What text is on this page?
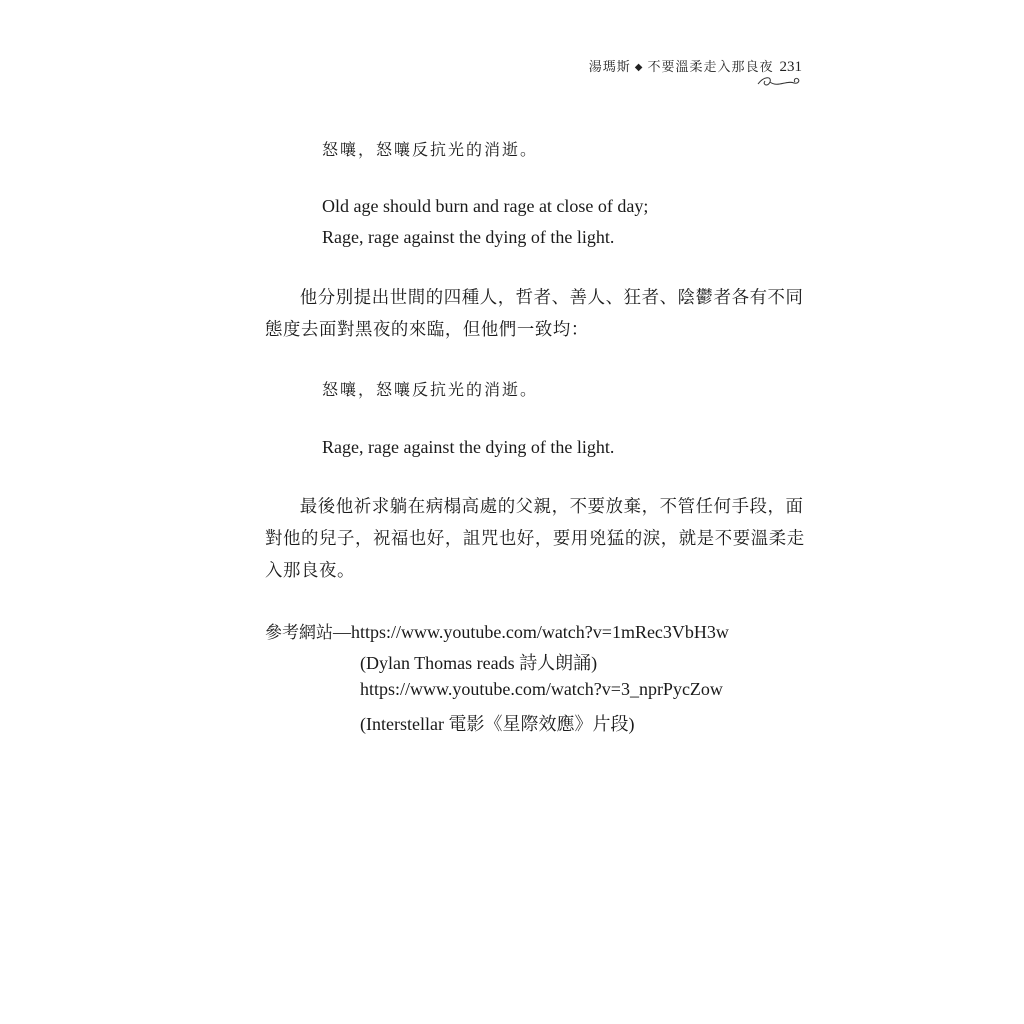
湯瑪斯 ◆ 不要溫柔走入那良夜 231
怒嚷，怒嚷反抗光的消逝。
Old age should burn and rage at close of day;
Rage, rage against the dying of the light.

他分別提出世間的四種人，哲者、善人、狂者、陰鬱者各有不同態度去面對黑夜的來臨，但他們一致均：

怒嚷，怒嚷反抗光的消逝。
Rage, rage against the dying of the light.

最後他祈求躺在病榻高處的父親，不要放棄，不管任何手段，面對他的兒子，祝福也好，詛咒也好，要用兇猛的淚，就是不要溫柔走入那良夜。

參考網站—https://www.youtube.com/watch?v=1mRec3VbH3w
(Dylan Thomas reads 詩人朗誦)
https://www.youtube.com/watch?v=3_nprPycZow
(Interstellar 電影《星際效應》片段)
